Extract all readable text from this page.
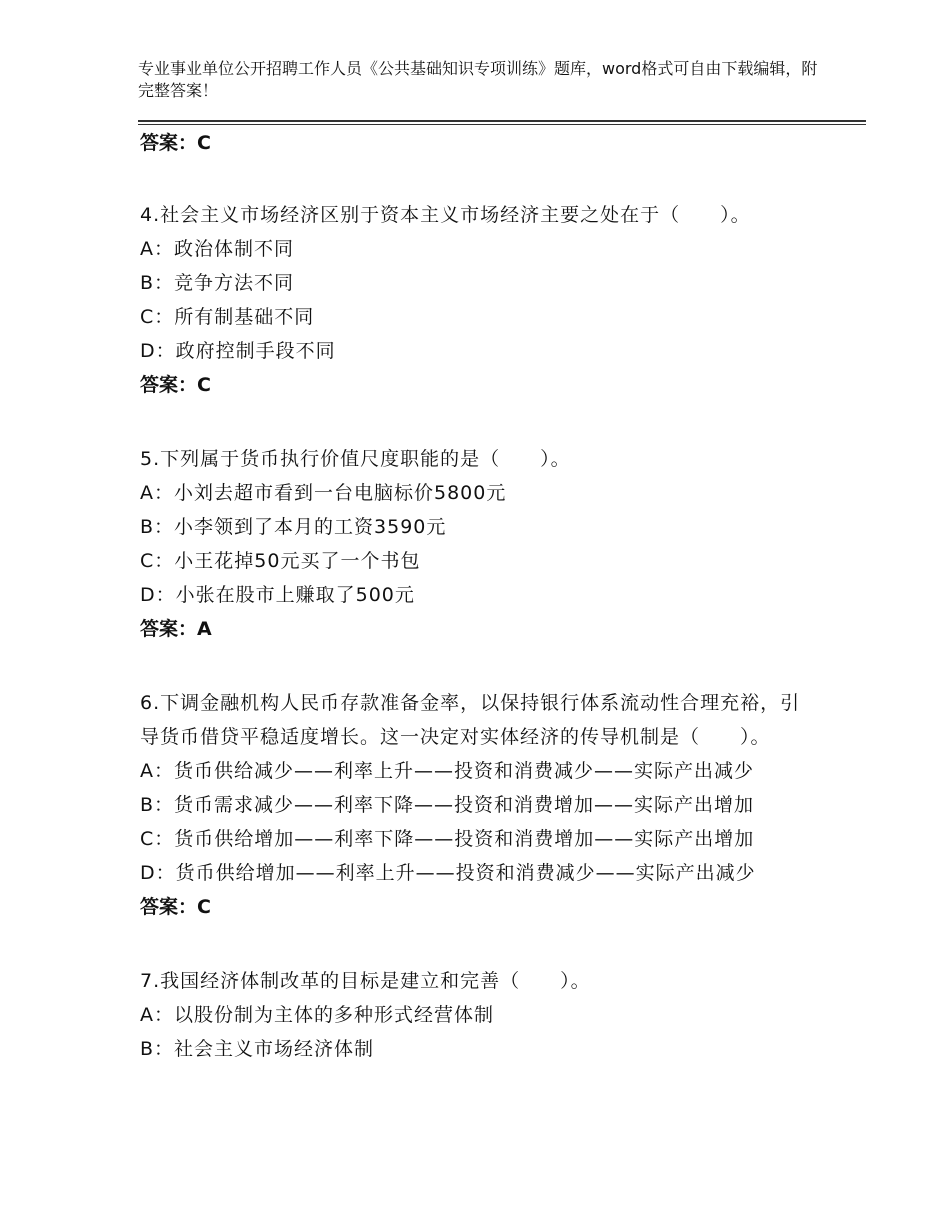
专业事业单位公开招聘工作人员《公共基础知识专项训练》题库，word格式可自由下载编辑，附完整答案！

答案：C

4.社会主义市场经济区别于资本主义市场经济主要之处在于（　　）。

A：政治体制不同

B：竞争方法不同

C：所有制基础不同

D：政府控制手段不同

答案：C

5.下列属于货币执行价值尺度职能的是（　　）。

A：小刘去超市看到一台电脑标价5800元

B：小李领到了本月的工资3590元

C：小王花掉50元买了一个书包

D：小张在股市上赚取了500元

答案：A

6.下调金融机构人民币存款准备金率，以保持银行体系流动性合理充裕，引导货币借贷平稳适度增长。这一决定对实体经济的传导机制是（　　）。

A：货币供给减少——利率上升——投资和消费减少——实际产出减少

B：货币需求减少——利率下降——投资和消费增加——实际产出增加

C：货币供给增加——利率下降——投资和消费增加——实际产出增加

D：货币供给增加——利率上升——投资和消费减少——实际产出减少

答案：C

7.我国经济体制改革的目标是建立和完善（　　）。

A：以股份制为主体的多种形式经营体制

B：社会主义市场经济体制
